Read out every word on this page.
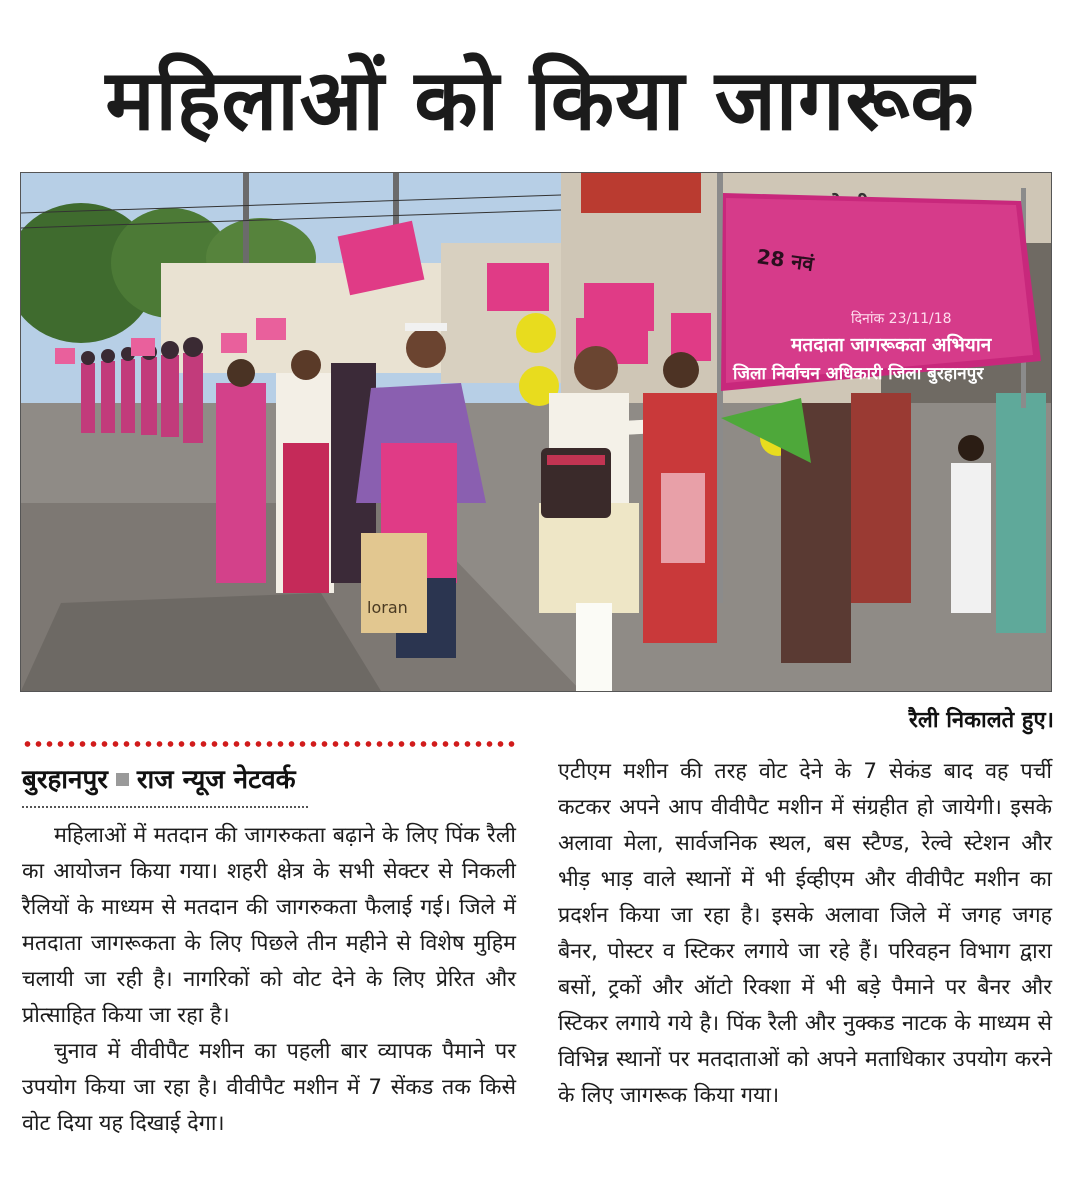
महिलाओं को किया जागरूक
loran
28 नवं
दिनांक 23/11/18
मतदाता जागरूकता अभियान
जिला निर्वाचन अधिकारी जिला बुरहानपुर
रैली निकालते हुए।
बुरहानपुर राज न्यूज नेटवर्क

महिलाओं में मतदान की जागरुकता बढ़ाने के लिए पिंक रैली का आयोजन किया गया। शहरी क्षेत्र के सभी सेक्टर से निकली रैलियों के माध्यम से मतदान की जागरुकता फैलाई गई। जिले में मतदाता जागरूकता के लिए पिछले तीन महीने से विशेष मुहिम चलायी जा रही है। नागरिकों को वोट देने के लिए प्रेरित और प्रोत्साहित किया जा रहा है।

चुनाव में वीवीपैट मशीन का पहली बार व्यापक पैमाने पर उपयोग किया जा रहा है। वीवीपैट मशीन में 7 सेंकड तक किसे वोट दिया यह दिखाई देगा।

एटीएम मशीन की तरह वोट देने के 7 सेकंड बाद वह पर्ची कटकर अपने आप वीवीपैट मशीन में संग्रहीत हो जायेगी। इसके अलावा मेला, सार्वजनिक स्थल, बस स्टैण्ड, रेल्वे स्टेशन और भीड़ भाड़ वाले स्थानों में भी ईव्हीएम और वीवीपैट मशीन का प्रदर्शन किया जा रहा है। इसके अलावा जिले में जगह जगह बैनर, पोस्टर व स्टिकर लगाये जा रहे हैं। परिवहन विभाग द्वारा बसों, ट्रकों और ऑटो रिक्शा में भी बड़े पैमाने पर बैनर और स्टिकर लगाये गये है। पिंक रैली और नुक्कड नाटक के माध्यम से विभिन्न स्थानों पर मतदाताओं को अपने मताधिकार उपयोग करने के लिए जागरूक किया गया।
